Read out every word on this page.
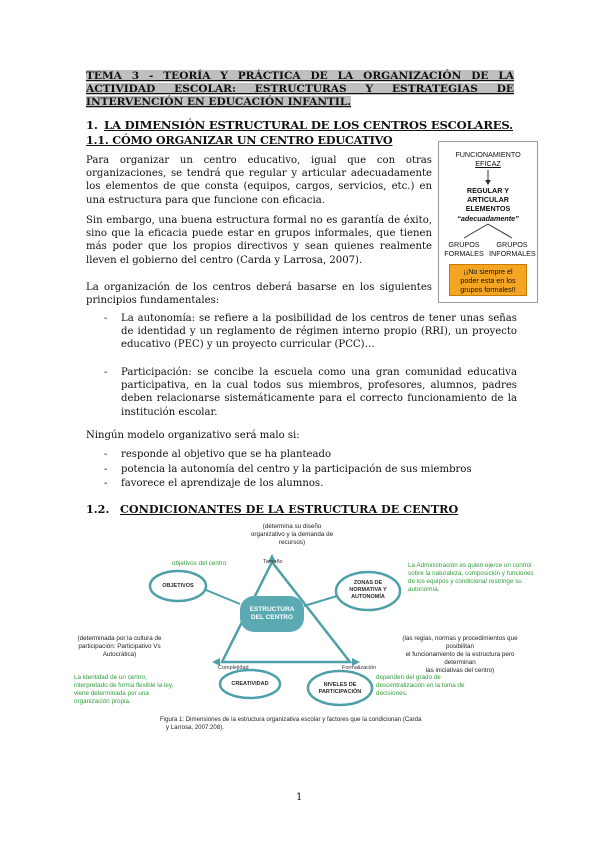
TEMA 3 - TEORÍA Y PRÁCTICA DE LA ORGANIZACIÓN DE LA ACTIVIDAD ESCOLAR: ESTRUCTURAS Y ESTRATEGIAS DE INTERVENCIÓN EN EDUCACIÓN INFANTIL.
1. LA DIMENSIÓN ESTRUCTURAL DE LOS CENTROS ESCOLARES.
1.1. CÓMO ORGANIZAR UN CENTRO EDUCATIVO
Para organizar un centro educativo, igual que con otras organizaciones, se tendrá que regular y articular adecuadamente los elementos de que consta (equipos, cargos, servicios, etc.) en una estructura para que funcione con eficacia.
Sin embargo, una buena estructura formal no es garantía de éxito, sino que la eficacia puede estar en grupos informales, que tienen más poder que los propios directivos y sean quienes realmente lleven el gobierno del centro (Carda y Larrosa, 2007).
La organización de los centros deberá basarse en los siguientes principios fundamentales:
- La autonomía: se refiere a la posibilidad de los centros de tener unas señas de identidad y un reglamento de régimen interno propio (RRI), un proyecto educativo (PEC) y un proyecto curricular (PCC)…
- Participación: se concibe la escuela como una gran comunidad educativa participativa, en la cual todos sus miembros, profesores, alumnos, padres deben relacionarse sistemáticamente para el correcto funcionamiento de la institución escolar.
Ningún modelo organizativo será malo si:
- responde al objetivo que se ha planteado
- potencia la autonomía del centro y la participación de sus miembros
- favorece el aprendizaje de los alumnos.
1.2. CONDICIONANTES DE LA ESTRUCTURA DE CENTRO
FUNCIONAMIENTO
EFICAZ
REGULAR Y
ARTICULAR
ELEMENTOS
“adecuadamente”
GRUPOS
FORMALES
GRUPOS
INFORMALES
¡¡No siempre el
poder esta en los
grupos formales!!
ESTRUCTURA
DEL CENTRO
OBJETIVOS	ZONAS DE
NORMATIVA Y
AUTONOMÍA
CREATIVIDAD	NIVELES DE
PARTICIPACIÓN
Tamaño
Complejidad	Formalización
(determina su diseño
organizativo y la demanda de
recursos)
objetivos del centro	La Administración es quien ejerce un control
sobre la naturaleza, composición y funciones
de los equipos y condiciona/ restringe su
autonomía.
(determinada por la cultura de
participación: Participativo Vs
Autocrática)
(las reglas, normas y procedimientos que posibilitan
el funcionamiento de la estructura pero determinan
las iniciativas del centro)
La identidad de un centro,
interpretado de forma flexible la ley,
viene determinada por una
organización propia.
dependen del grado de
descentralización en la toma de
decisiones.
Figura 1: Dimensiones de la estructura organizativa escolar y factores que la condicionan (Carda
y Larrosa, 2007:208).
1
